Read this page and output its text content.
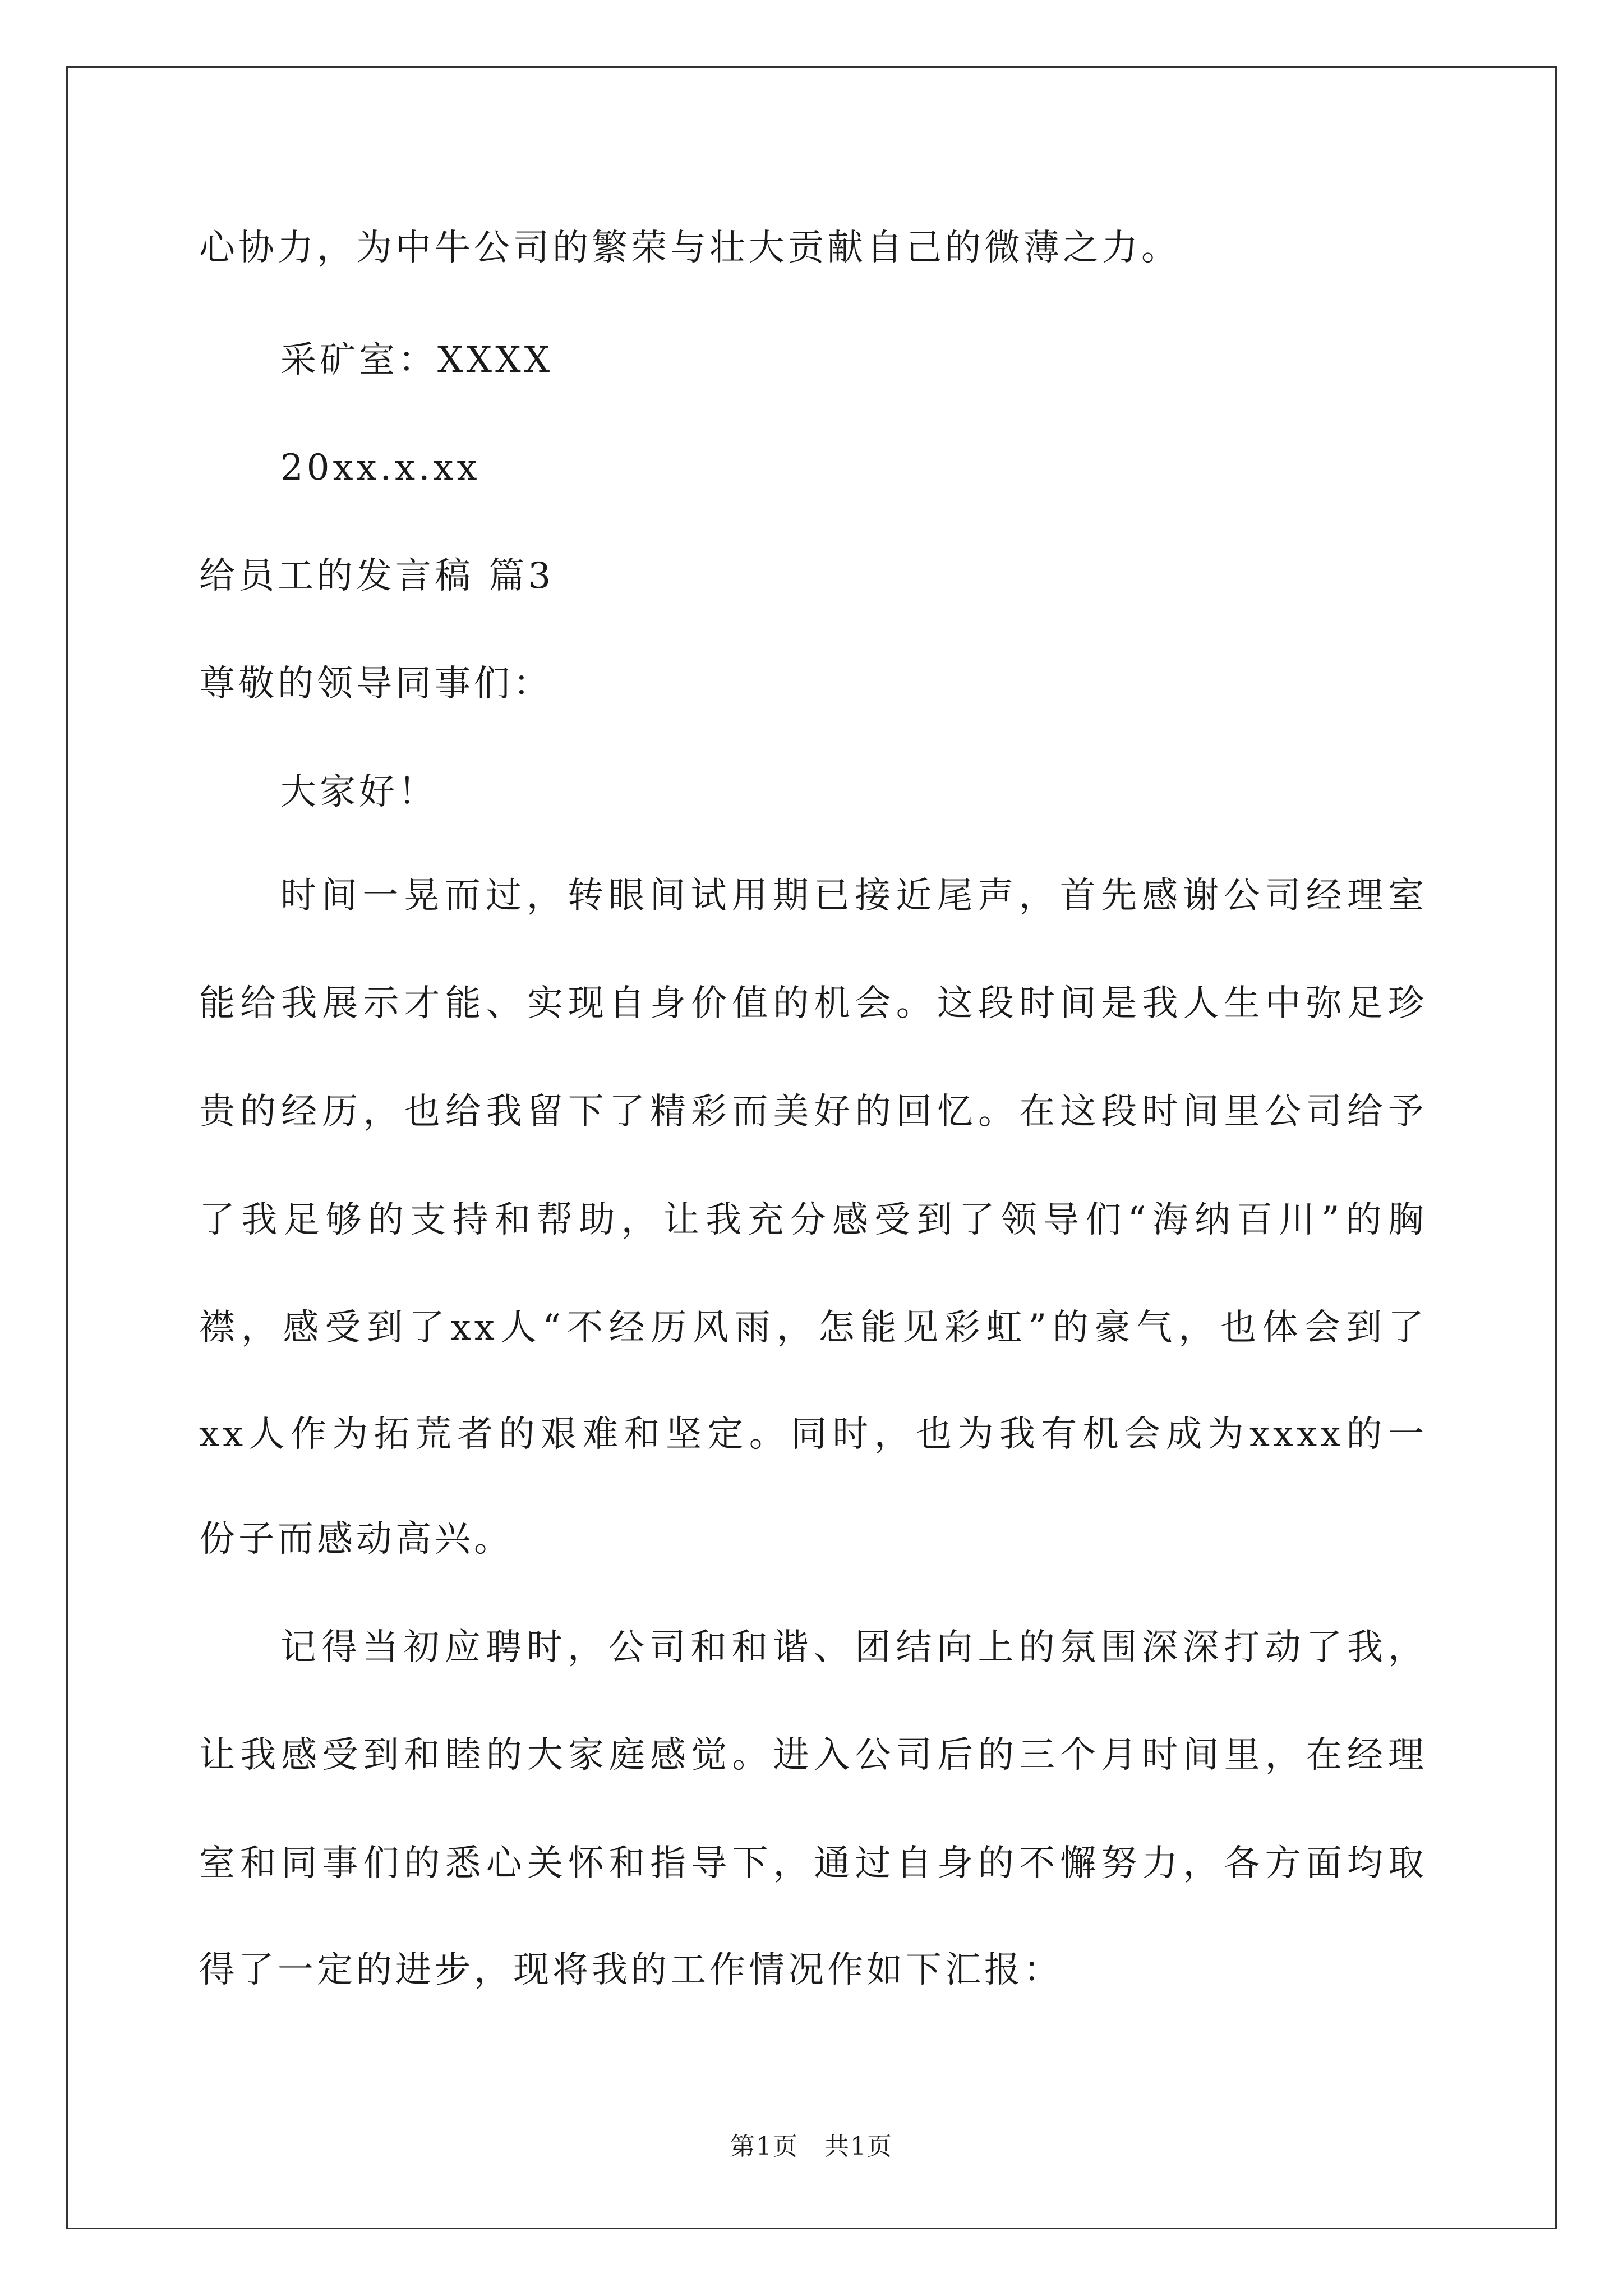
心协力，为中牛公司的繁荣与壮大贡献自己的微薄之力。
采矿室：XXXX
20xx.x.xx
给员工的发言稿 篇3
尊敬的领导同事们：
大家好！
时间一晃而过，转眼间试用期已接近尾声，首先感谢公司经理室
能给我展示才能、实现自身价值的机会。这段时间是我人生中弥足珍
贵的经历，也给我留下了精彩而美好的回忆。在这段时间里公司给予
了我足够的支持和帮助，让我充分感受到了领导们“海纳百川”的胸
襟，感受到了xx人“不经历风雨，怎能见彩虹”的豪气，也体会到了
xx人作为拓荒者的艰难和坚定。同时，也为我有机会成为xxxx的一
份子而感动高兴。
记得当初应聘时，公司和和谐、团结向上的氛围深深打动了我，
让我感受到和睦的大家庭感觉。进入公司后的三个月时间里，在经理
室和同事们的悉心关怀和指导下，通过自身的不懈努力，各方面均取
得了一定的进步，现将我的工作情况作如下汇报：
第1页　共1页
